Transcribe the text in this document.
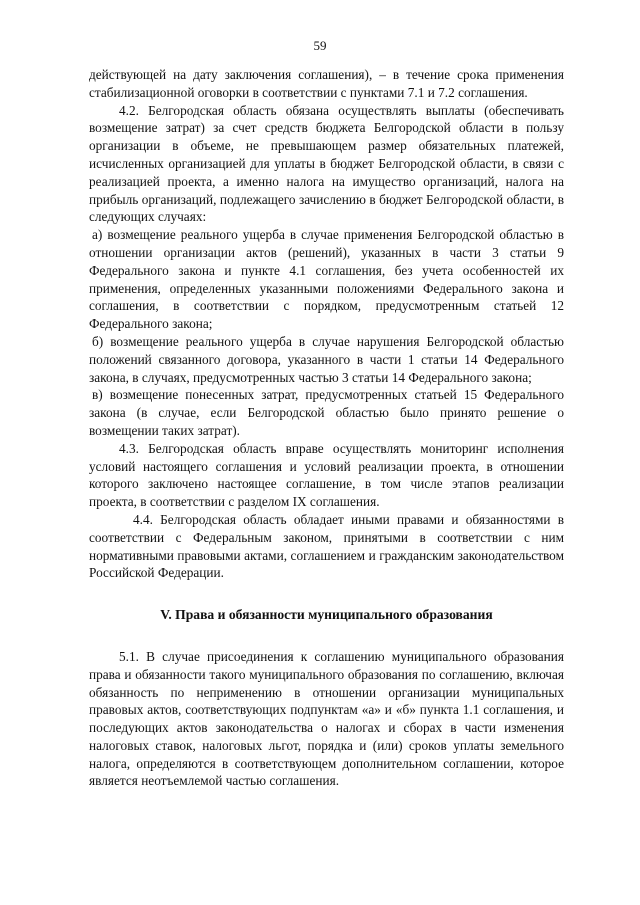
59

действующей на дату заключения соглашения), – в течение срока применения стабилизационной оговорки в соответствии с пунктами 7.1 и 7.2 соглашения.

4.2. Белгородская область обязана осуществлять выплаты (обеспечивать возмещение затрат) за счет средств бюджета Белгородской области в пользу организации в объеме, не превышающем размер обязательных платежей, исчисленных организацией для уплаты в бюджет Белгородской области, в связи с реализацией проекта, а именно налога на имущество организаций, налога на прибыль организаций, подлежащего зачислению в бюджет Белгородской области, в следующих случаях:

а) возмещение реального ущерба в случае применения Белгородской областью в отношении организации актов (решений), указанных в части 3 статьи 9 Федерального закона и пункте 4.1 соглашения, без учета особенностей их применения, определенных указанными положениями Федерального закона и соглашения, в соответствии с порядком, предусмотренным статьей 12 Федерального закона;

б) возмещение реального ущерба в случае нарушения Белгородской областью положений связанного договора, указанного в части 1 статьи 14 Федерального закона, в случаях, предусмотренных частью 3 статьи 14 Федерального закона;

в) возмещение понесенных затрат, предусмотренных статьей 15 Федерального закона (в случае, если Белгородской областью было принято решение о возмещении таких затрат).

4.3. Белгородская область вправе осуществлять мониторинг исполнения условий настоящего соглашения и условий реализации проекта, в отношении которого заключено настоящее соглашение, в том числе этапов реализации проекта, в соответствии с разделом IX соглашения.

4.4. Белгородская область обладает иными правами и обязанностями в соответствии с Федеральным законом, принятыми в соответствии с ним нормативными правовыми актами, соглашением и гражданским законодательством Российской Федерации.

V. Права и обязанности муниципального образования

5.1. В случае присоединения к соглашению муниципального образования права и обязанности такого муниципального образования по соглашению, включая обязанность по неприменению в отношении организации муниципальных правовых актов, соответствующих подпунктам «а» и «б» пункта 1.1 соглашения, и последующих актов законодательства о налогах и сборах в части изменения налоговых ставок, налоговых льгот, порядка и (или) сроков уплаты земельного налога, определяются в соответствующем дополнительном соглашении, которое является неотъемлемой частью соглашения.
